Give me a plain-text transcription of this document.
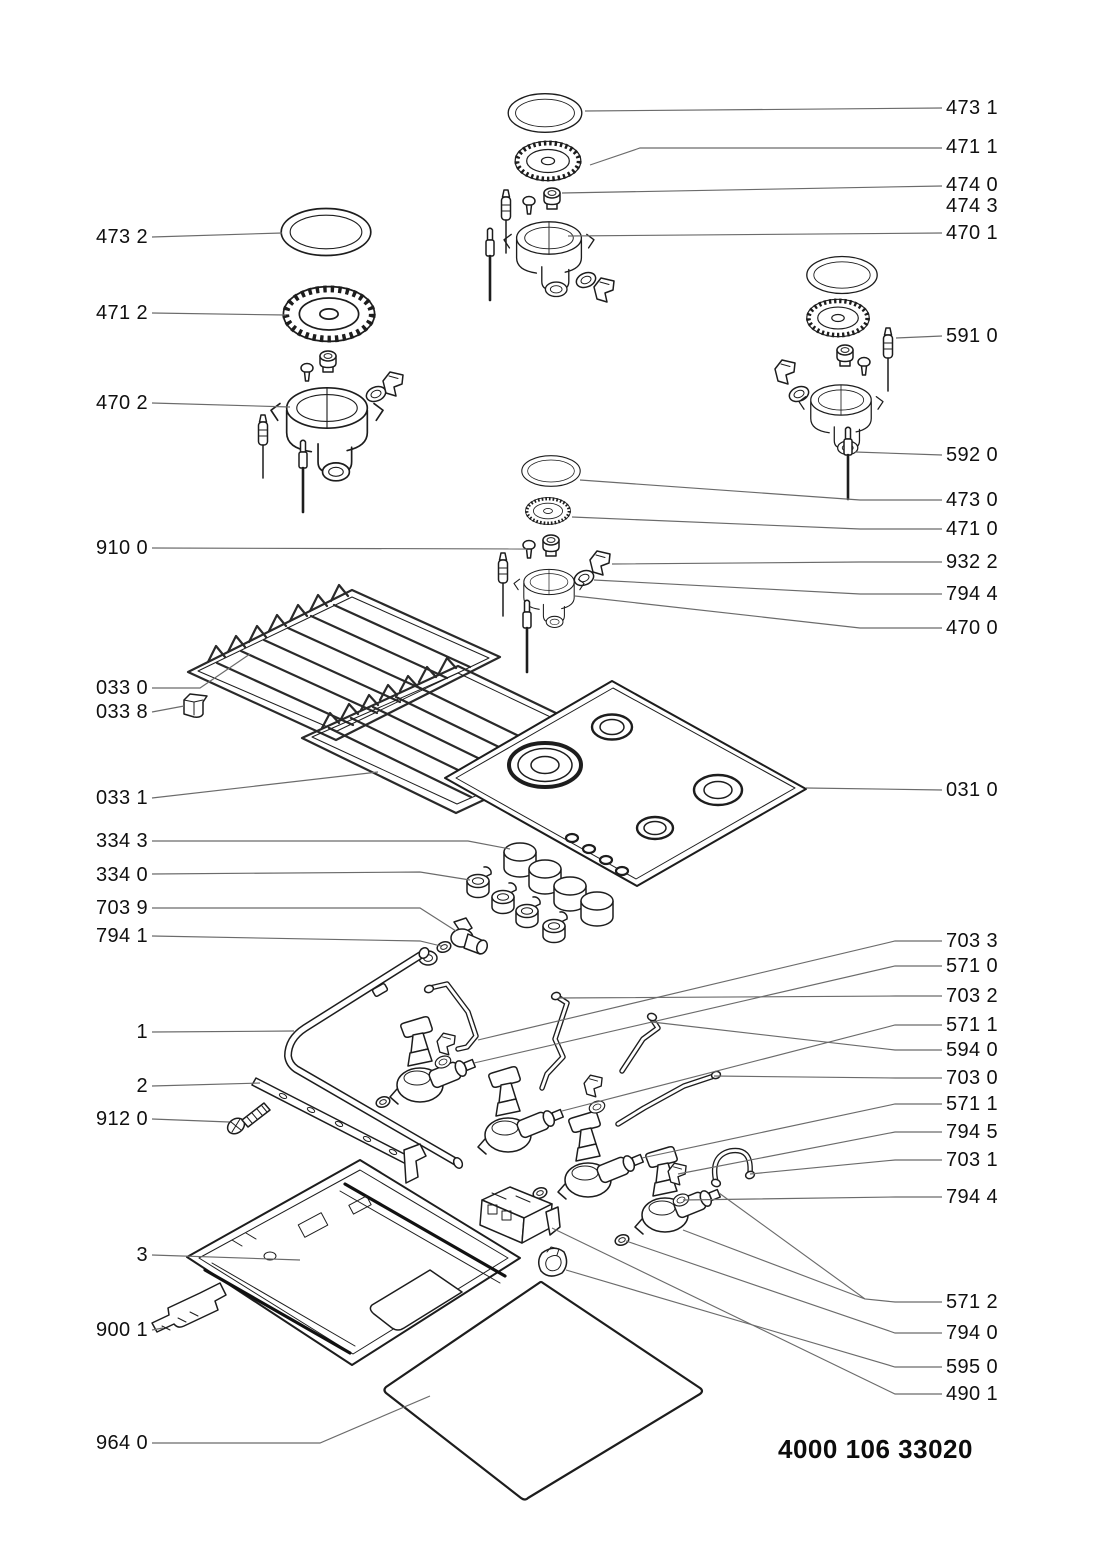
473 1
471 1
474 0
474 3
470 1
591 0
592 0
473 0
471 0
932 2
794 4
470 0
031 0
703 3
571 0
703 2
571 1
594 0
703 0
571 1
794 5
703 1
794 4
571 2
794 0
595 0
490 1
473 2
471 2
470 2
910 0
033 0
033 8
033 1
334 3
334 0
703 9
794 1
1
2
912 0
3
900 1
964 0	4000 106 33020
